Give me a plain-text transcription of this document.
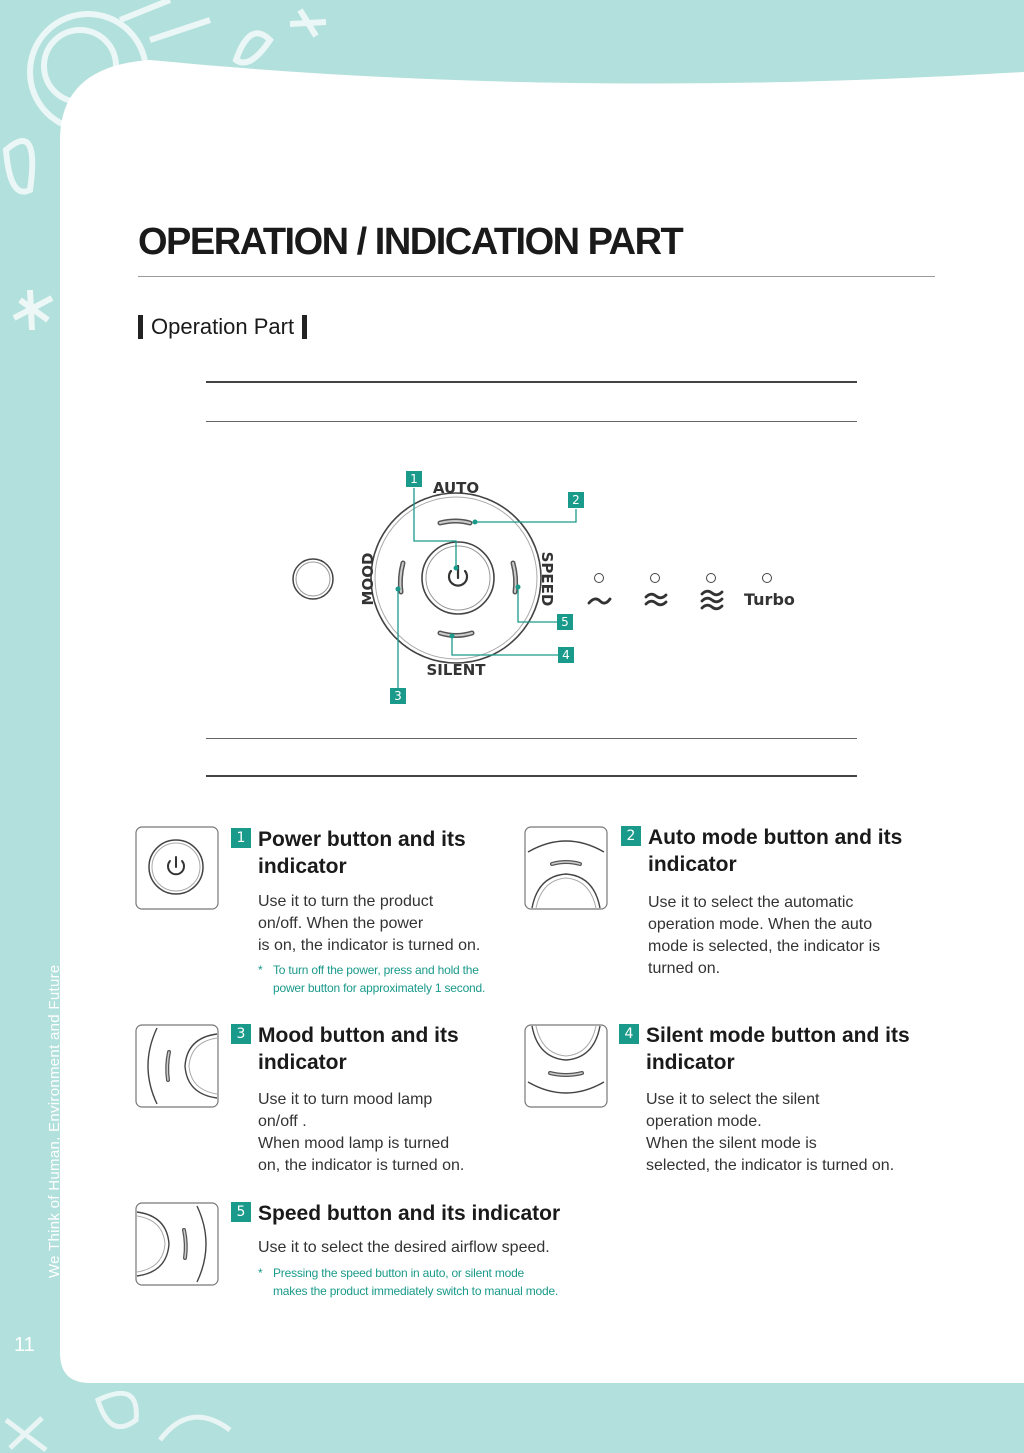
OPERATION / INDICATION PART
Operation Part
AUTO
SILENT
MOOD	SPEED	Turbo
1
2
3
4
5
1 Power button and its
indicator
Use it to turn the product
on/off. When the power
is on, the indicator is turned on.
* To turn off the power, press and hold the
power button for approximately 1 second.
2 Auto mode button and its
indicator
Use it to select the automatic
operation mode. When the auto
mode is selected, the indicator is
turned on.
3 Mood button and its
indicator
Use it to turn mood lamp
on/off .
When mood lamp is turned
on, the indicator is turned on.
4 Silent mode button and its
indicator
Use it to select the silent
operation mode.
When the silent mode is
selected, the indicator is turned on.
5 Speed button and its indicator
Use it to select the desired airflow speed.
* Pressing the speed button in auto, or silent mode
makes the product immediately switch to manual mode.
We Think of Human, Environment and Future
11
